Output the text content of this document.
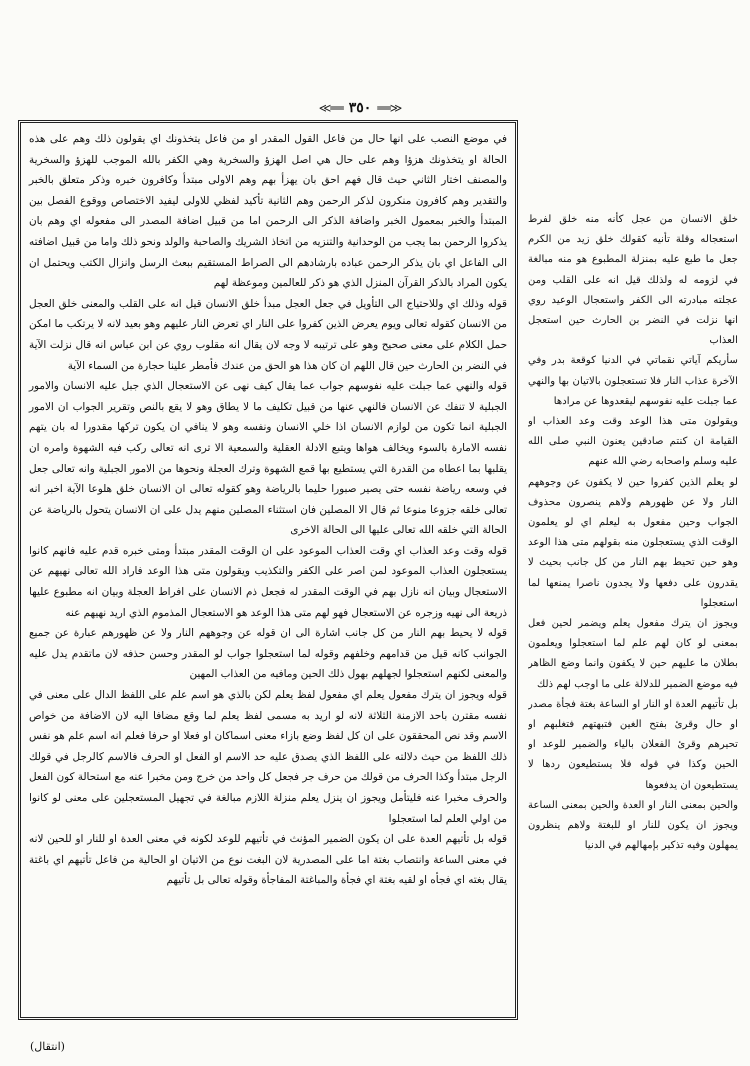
≪══ ٣٥٠ ══≫

في موضع النصب على انها حال من فاعل القول المقدر او من فاعل يتخذونك اي يقولون ذلك وهم على هذه الحالة او يتخذونك هزؤا وهم على حال هي اصل الهزؤ والسخرية وهي الكفر بالله الموجب للهزؤ والسخرية والمصنف اختار الثاني حيث قال فهم احق بان يهزأ بهم وهم الاولى مبتدأ وكافرون خبره وذكر متعلق بالخبر والتقدير وهم كافرون منكرون لذكر الرحمن وهم الثانية تأكيد لفظي للاولى ليفيد الاختصاص ووقوع الفصل بين المبتدأ والخبر بمعمول الخبر واضافة الذكر الى الرحمن اما من قبيل اضافة المصدر الى مفعوله اي وهم بان يذكروا الرحمن بما يجب من الوحدانية والتنزيه من اتخاذ الشريك والصاحبة والولد ونحو ذلك واما من قبيل اضافته الى الفاعل اي بان يذكر الرحمن عباده بارشادهم الى الصراط المستقيم ببعث الرسل وانزال الكتب ويحتمل ان يكون المراد بالذكر القرآن المنزل الذي هو ذكر للعالمين وموعظة لهم

قوله وذلك اي وللاحتياج الى التأويل في جعل العجل مبدأ خلق الانسان قيل انه على القلب والمعنى خلق العجل من الانسان كقوله تعالى ويوم يعرض الذين كفروا على النار اي تعرض النار عليهم وهو بعيد لانه لا يرتكب ما امكن حمل الكلام على معنى صحيح وهو على ترتيبه لا وجه لان يقال انه مقلوب روي عن ابن عباس انه قال نزلت الآية في النضر بن الحارث حين قال اللهم ان كان هذا هو الحق من عندك فأمطر علينا حجارة من السماء الآية

قوله والنهي عما جبلت عليه نفوسهم جواب عما يقال كيف نهى عن الاستعجال الذي جبل عليه الانسان والامور الجبلية لا تنفك عن الانسان فالنهي عنها من قبيل تكليف ما لا يطاق وهو لا يقع بالنص وتقرير الجواب ان الامور الجبلية انما تكون من لوازم الانسان اذا خلي الانسان ونفسه وهو لا ينافي ان يكون تركها مقدورا له بان يتهم نفسه الامارة بالسوء ويخالف هواها ويتبع الادلة العقلية والسمعية الا ترى انه تعالى ركب فيه الشهوة وامره ان يقلبها بما اعطاه من القدرة التي يستطيع بها قمع الشهوة وترك العجلة ونحوها من الامور الجبلية وانه تعالى جعل في وسعه رياضة نفسه حتى يصير صبورا حليما بالرياضة وهو كقوله تعالى ان الانسان خلق هلوعا الآية اخبر انه تعالى خلقه جزوعا منوعا ثم قال الا المصلين فان استثناء المصلين منهم يدل على ان الانسان يتحول بالرياضة عن الحالة التي خلقه الله تعالى عليها الى الحالة الاخرى

قوله وقت وعد العذاب اي وقت العذاب الموعود على ان الوقت المقدر مبتدأ ومتى خبره قدم عليه فانهم كانوا يستعجلون العذاب الموعود لمن اصر على الكفر والتكذيب ويقولون متى هذا الوعد فاراد الله تعالى نهيهم عن الاستعجال وبيان انه نازل بهم في الوقت المقدر له فجعل ذم الانسان على افراط العجلة وبيان انه مطبوع عليها ذريعة الى نهيه وزجره عن الاستعجال فهو لهم متى هذا الوعد هو الاستعجال المذموم الذي اريد نهيهم عنه

قوله لا يحيط بهم النار من كل جانب اشارة الى ان قوله عن وجوههم النار ولا عن ظهورهم عبارة عن جميع الجوانب كانه قيل من قدامهم وخلفهم وقوله لما استعجلوا جواب لو المقدر وحسن حذفه لان ماتقدم يدل عليه والمعنى لكنهم استعجلوا لجهلهم بهول ذلك الحين ومافيه من العذاب المهين

قوله ويجوز ان يترك مفعول يعلم اي مفعول لفظ يعلم لكن بالذي هو اسم علم على اللفظ الدال على معنى في نفسه مقترن باحد الازمنة الثلاثة لانه لو اريد به مسمى لفظ يعلم لما وقع مضافا اليه لان الاضافة من خواص الاسم وقد نص المحققون على ان كل لفظ وضع بازاء معنى اسماكان او فعلا او حرفا فعلم انه اسم علم هو نفس ذلك اللفظ من حيث دلالته على اللفظ الذي يصدق عليه حد الاسم او الفعل او الحرف فالاسم كالرجل في قولك الرجل مبتدأ وكذا الحرف من قولك من حرف جر فجعل كل واحد من خرج ومن مخبرا عنه مع استحالة كون الفعل والحرف مخبرا عنه فليتأمل ويجوز ان ينزل يعلم منزلة اللازم مبالغة في تجهيل المستعجلين على معنى لو كانوا من اولي العلم لما استعجلوا

قوله بل تأتيهم العدة على ان يكون الضمير المؤنث في تأتيهم للوعد لكونه في معنى العدة او للنار او للحين لانه في معنى الساعة وانتصاب بغتة اما على المصدرية لان البغت نوع من الاتيان او الحالية من فاعل تأتيهم اي باغتة يقال بغته اي فجأه او لقيه بغتة اي فجأة والمباغتة المفاجأة وقوله تعالى بل تأتيهم

خلق الانسان من عجل كأنه منه خلق لفرط استعجاله وقلة تأنيه كقولك خلق زيد من الكرم جعل ما طبع عليه بمنزلة المطبوع هو منه مبالغة في لزومه له ولذلك قيل انه على القلب ومن عجلته مبادرته الى الكفر واستعجال الوعيد روي انها نزلت في النضر بن الحارث حين استعجل العذاب

سأريكم آياتي نقماتي في الدنيا كوقعة بدر وفي الآخرة عذاب النار فلا تستعجلون بالاتيان بها والنهي عما جبلت عليه نفوسهم ليقعدوها عن مرادها

ويقولون متى هذا الوعد وقت وعد العذاب او القيامة ان كنتم صادقين يعنون النبي صلى الله عليه وسلم واصحابه رضي الله عنهم

لو يعلم الذين كفروا حين لا يكفون عن وجوههم النار ولا عن ظهورهم ولاهم ينصرون محذوف الجواب وحين مفعول به ليعلم اي لو يعلمون الوقت الذي يستعجلون منه بقولهم متى هذا الوعد وهو حين تحيط بهم النار من كل جانب بحيث لا يقدرون على دفعها ولا يجدون ناصرا يمنعها لما استعجلوا

ويجوز ان يترك مفعول يعلم ويضمر لحين فعل بمعنى لو كان لهم علم لما استعجلوا ويعلمون بطلان ما عليهم حين لا يكفون وانما وضع الظاهر فيه موضع الضمير للدلالة على ما اوجب لهم ذلك

بل تأتيهم العدة او النار او الساعة بغتة فجأة مصدر او حال وقرئ بفتح الغين فتبهتهم فتغلبهم او تحيرهم وقرئ الفعلان بالياء والضمير للوعد او الحين وكذا في قوله فلا يستطيعون ردها لا يستطيعون ان يدفعوها

والحين بمعنى النار او العدة والحين بمعنى الساعة ويجوز ان يكون للنار او للبغتة ولاهم ينظرون يمهلون وفيه تذكير بإمهالهم في الدنيا

(انتقال)
